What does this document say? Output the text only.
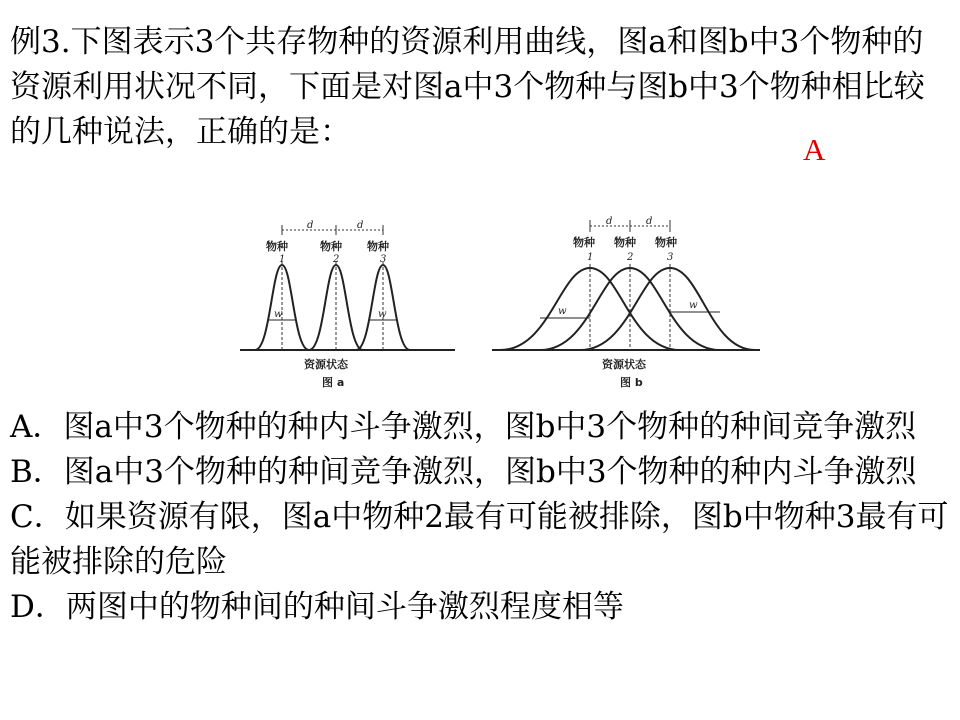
例3.下图表示3个共存物种的资源利用曲线，图a和图b中3个物种的资源利用状况不同，下面是对图a中3个物种与图b中3个物种相比较的几种说法，正确的是：	A
d	d
物种	物种 物种
1	2	3
w	w
资源状态
图 a
d	d
物种 物种 物种
1	2	3
w
w
资源状态
图 b
A．图a中3个物种的种内斗争激烈，图b中3个物种的种间竞争激烈
B．图a中3个物种的种间竞争激烈，图b中3个物种的种内斗争激烈
C．如果资源有限，图a中物种2最有可能被排除，图b中物种3最有可能被排除的危险
D．两图中的物种间的种间斗争激烈程度相等
